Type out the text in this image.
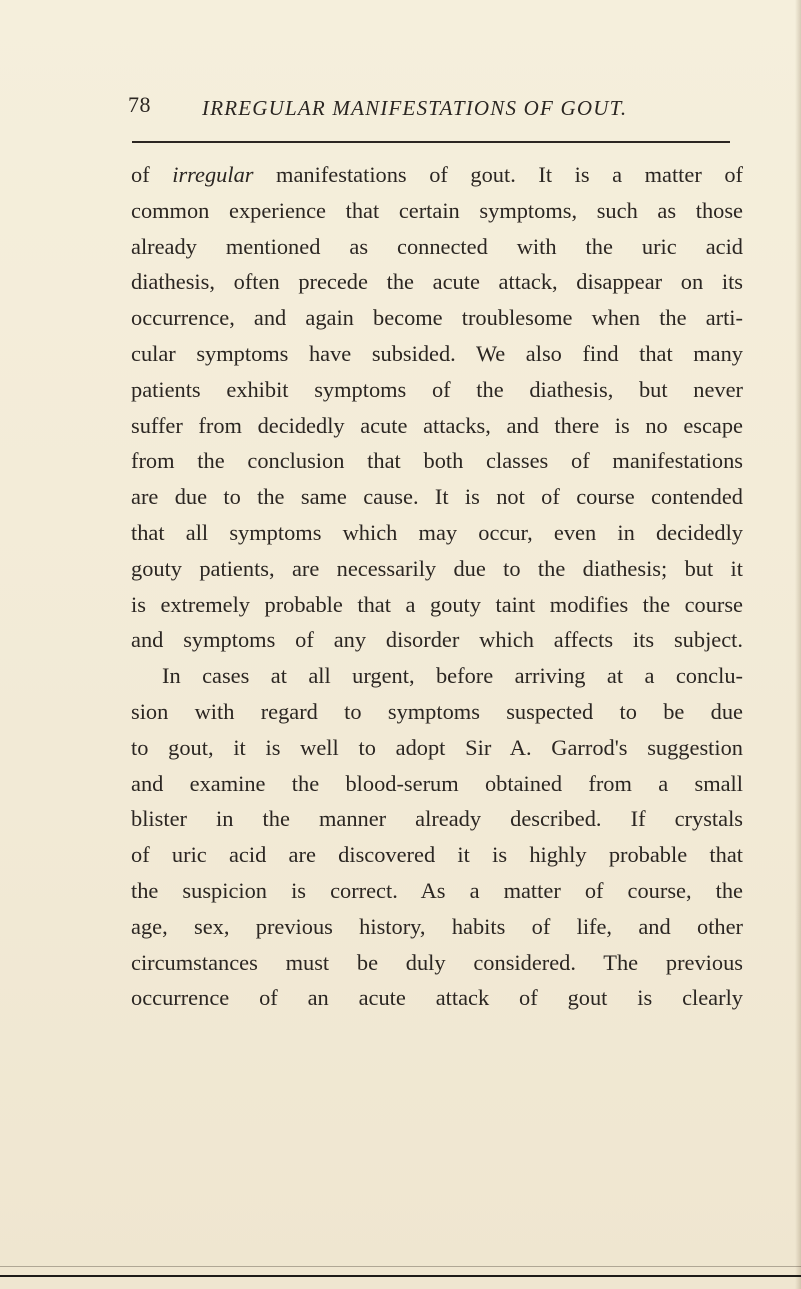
78 IRREGULAR MANIFESTATIONS OF GOUT.
of irregular manifestations of gout. It is a matter of
common experience that certain symptoms, such as those
already mentioned as connected with the uric acid
diathesis, often precede the acute attack, disappear on its
occurrence, and again become troublesome when the arti-
cular symptoms have subsided. We also find that many
patients exhibit symptoms of the diathesis, but never
suffer from decidedly acute attacks, and there is no escape
from the conclusion that both classes of manifestations
are due to the same cause. It is not of course contended
that all symptoms which may occur, even in decidedly
gouty patients, are necessarily due to the diathesis; but it
is extremely probable that a gouty taint modifies the course
and symptoms of any disorder which affects its subject.
In cases at all urgent, before arriving at a conclu-
sion with regard to symptoms suspected to be due
to gout, it is well to adopt Sir A. Garrod's suggestion
and examine the blood-serum obtained from a small
blister in the manner already described. If crystals
of uric acid are discovered it is highly probable that
the suspicion is correct. As a matter of course, the
age, sex, previous history, habits of life, and other
circumstances must be duly considered. The previous
occurrence of an acute attack of gout is clearly
